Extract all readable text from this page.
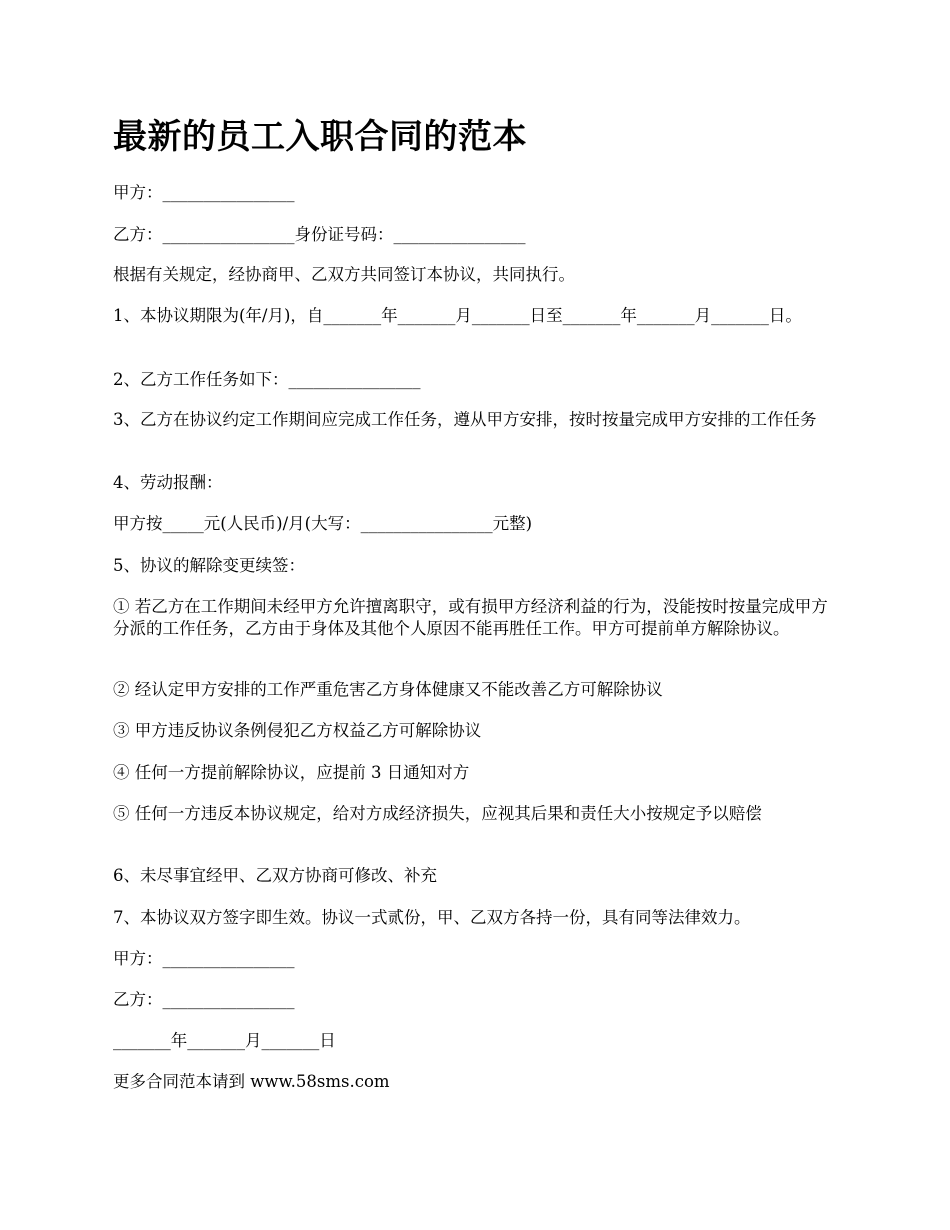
最新的员工入职合同的范本

甲方：________________

乙方：________________身份证号码：________________

根据有关规定，经协商甲、乙双方共同签订本协议，共同执行。

1、本协议期限为(年/月)，自_______年_______月_______日至_______年_______月_______日。

2、乙方工作任务如下：________________

3、乙方在协议约定工作期间应完成工作任务，遵从甲方安排，按时按量完成甲方安排的工作任务

4、劳动报酬：

甲方按_____元(人民币)/月(大写：________________元整)

5、协议的解除变更续签：

① 若乙方在工作期间未经甲方允许擅离职守，或有损甲方经济利益的行为，没能按时按量完成甲方分派的工作任务，乙方由于身体及其他个人原因不能再胜任工作。甲方可提前单方解除协议。

② 经认定甲方安排的工作严重危害乙方身体健康又不能改善乙方可解除协议

③ 甲方违反协议条例侵犯乙方权益乙方可解除协议

④ 任何一方提前解除协议，应提前 3 日通知对方

⑤ 任何一方违反本协议规定，给对方成经济损失，应视其后果和责任大小按规定予以赔偿

6、未尽事宜经甲、乙双方协商可修改、补充

7、本协议双方签字即生效。协议一式贰份，甲、乙双方各持一份，具有同等法律效力。

甲方：________________

乙方：________________

_______年_______月_______日

更多合同范本请到 www.58sms.com
